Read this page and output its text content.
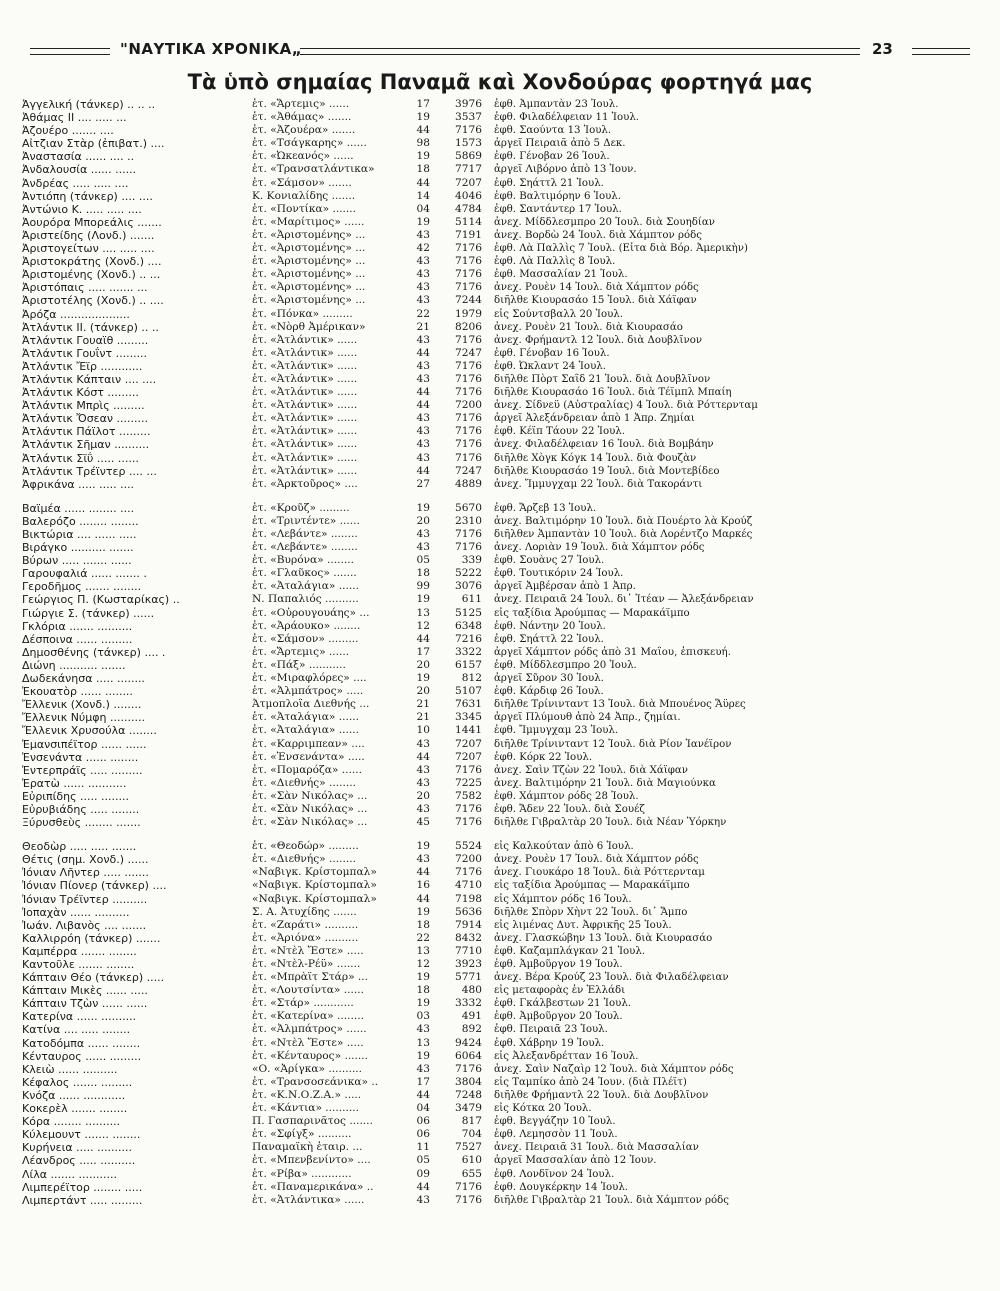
"ΝΑΥΤΙΚΑ ΧΡΟΝΙΚΑ„	23
Τὰ ὑπὸ σημαίας Παναμᾶ καὶ Χονδούρας φορτηγά μας
Ἀγγελική (τάνκερ) .. .. ..	ἑτ. «Ἄρτεμις» ......	17	3976 ἐφθ. Ἀμπαντὰν 23 Ἰουλ.
Ἀθάμας ΙΙ .... ..... ...	ἑτ. «Ἀθάμας» .......	19	3537 ἐφθ. Φιλαδέλφειαν 11 Ἰουλ.
Ἀζουέρο ....... ....	ἑτ. «Ἀζουέρα» .......	44	7176 ἐφθ. Σαούντα 13 Ἰουλ.
Αἰτζιαν Στὰρ (ἐπιβατ.) ....	ἑτ. «Τσάγκαρης» ......	98	1573 ἀργεῖ Πειραιᾶ ἀπὸ 5 Δεκ.
Ἀναστασία ...... .... ..	ἑτ. «Ὠκεανός» ......	19	5869 ἐφθ. Γένοβαν 26 Ἰουλ.
Ἀνδαλουσία ...... ......	ἑτ. «Τρανσατλάντικα»	18	7717 ἀργεῖ Λιβόρνο ἀπὸ 13 Ἰουν.
Ἀνδρέας ..... ..... ....	ἑτ. «Σάμσον» .......	44	7207 ἐφθ. Σηάττλ 21 Ἰουλ.
Ἀντιόπη (τάνκερ) .... ....	Κ. Κονιαλίδης .......	14	4046 ἐφθ. Βαλτιμόρην 6 Ἰουλ.
Ἀντώνιο Κ. ..... ..... ....	ἑτ. «Ποντίκα» .......	04	4784 ἐφθ. Σαντάντερ 17 Ἰουλ.
Ἀουρόρα Μπορεάλις .......	ἑτ. «Μαρίτιμος» ......	19	5114 ἀνεχ. Μίδδλεσμπρο 20 Ἰουλ. διὰ Σουηδίαν
Ἀριστείδης (Λονδ.) .......	ἑτ. «Ἀριστομένης» ...	43	7191 ἀνεχ. Βορδὼ 24 Ἰουλ. διὰ Χάμπτον ρόδς
Ἀριστογείτων .... ..... ....	ἑτ. «Ἀριστομένης» ...	42	7176 ἐφθ. Λὰ Παλλὶς 7 Ἰουλ. (Εἶτα διὰ Βόρ. Ἀμερικὴν)
Ἀριστοκράτης (Χονδ.) ....	ἑτ. «Ἀριστομένης» ...	43	7176 ἐφθ. Λὰ Παλλὶς 8 Ἰουλ.
Ἀριστομένης (Χονδ.) .. ...	ἑτ. «Ἀριστομένης» ...	43	7176 ἐφθ. Μασσαλίαν 21 Ἰουλ.
Ἀριστόπαις ..... ....... ...	ἑτ. «Ἀριστομένης» ...	43	7176 ἀνεχ. Ρουὲν 14 Ἰουλ. διὰ Χάμπτον ρόδς
Ἀριστοτέλης (Χονδ.) .. ....	ἑτ. «Ἀριστομένης» ...	43	7244 διῆλθε Κιουρασάο 15 Ἰουλ. διὰ Χάϊφαν
Ἀρόζα ....................	ἑτ. «Πόνκα» .........	22	1979 εἰς Σούντσβαλλ 20 Ἰουλ.
Ἀτλάντικ ΙΙ. (τάνκερ) .. ..	ἑτ. «Νὸρθ Ἀμέρικαν»	21	8206 ἀνεχ. Ρουὲν 21 Ἰουλ. διὰ Κιουρασάο
Ἀτλάντικ Γουαϊθ .........	ἑτ. «Ἀτλάντικ» ......	43	7176 ἀνεχ. Φρήμαντλ 12 Ἰουλ. διὰ Δουβλῖνον
Ἀτλάντικ Γουΐντ .........	ἑτ. «Ἀτλάντικ» ......	44	7247 ἐφθ. Γένοβαν 16 Ἰουλ.
Ἀτλάντικ Ἔϊρ ............	ἑτ. «Ἀτλάντικ» ......	43	7176 ἐφθ. Ὠκλαντ 24 Ἰουλ.
Ἀτλάντικ Κάπταιν .... ....	ἑτ. «Ἀτλάντικ» ......	43	7176 διῆλθε Πὸρτ Σαΐδ 21 Ἰουλ. διὰ Δουβλῖνον
Ἀτλάντικ Κόστ .........	ἑτ. «Ἀτλάντικ» ......	44	7176 διῆλθε Κιουρασάο 16 Ἰουλ. διὰ Τέϊμπλ Μπαίη
Ἀτλάντικ Μπρὶς .........	ἑτ. «Ἀτλάντικ» ......	44	7200 ἀνεχ. Σίδνεϋ (Αὐστραλίας) 4 Ἰουλ. διὰ Ρόττερνταμ
Ἀτλάντικ Ὄσεαν .........	ἑτ. «Ἀτλάντικ» ......	43	7176 ἀργεῖ Ἀλεξάνδρειαν ἀπὸ 1 Ἀπρ. Ζημίαι
Ἀτλάντικ Πάϊλοτ .........	ἑτ. «Ἀτλάντικ» ......	43	7176 ἐφθ. Κέϊπ Τάουν 22 Ἰουλ.
Ἀτλάντικ Σῆμαν ..........	ἑτ. «Ἀτλάντικ» ......	43	7176 ἀνεχ. Φιλαδέλφειαν 16 Ἰουλ. διὰ Βομβάην
Ἀτλάντικ Σϊΰ ..... ......	ἑτ. «Ἀτλάντικ» ......	43	7176 διῆλθε Χὸγκ Κόγκ 14 Ἰουλ. διὰ Φουζὰν
Ἀτλάντικ Τρέϊντερ .... ...	ἑτ. «Ἀτλάντικ» ......	44	7247 διῆλθε Κιουρασάο 19 Ἰουλ. διὰ Μοντεβίδεο
Ἀφρικάνα ..... ..... ....	ἑτ. «Ἀρκτοῦρος» ....	27	4889 ἀνεχ. Ἴμμυγχαμ 22 Ἰουλ. διὰ Τακοράντι
Βαϊμέα ...... ........ ....	ἑτ. «Κροῦζ» .........	19	5670 ἐφθ. Ἄρζεβ 13 Ἰουλ.
Βαλερόζο ........ ........	ἑτ. «Τριντέντε» ......	20	2310 ἀνεχ. Βαλτιμόρην 10 Ἰουλ. διὰ Πουέρτο λὰ Κρούζ
Βικτώρια .... ...... .....	ἑτ. «Λεβάντε» ........	43	7176 διῆλθεν Ἀμπαντὰν 10 Ἰουλ. διὰ Λορέντζο Μαρκές
Βιράγκο .......... .......	ἑτ. «Λεβάντε» ........	43	7176 ἀνεχ. Λοριὰν 19 Ἰουλ. διὰ Χάμπτον ρόδς
Βύρων ..... ....... ......	ἑτ. «Βυρόνα» ........	05	339 ἐφθ. Σουὰνς 27 Ἰουλ.
Γαρουφαλιά ...... ....... .	ἑτ. «Γλαῦκος» .......	18	5222 ἐφθ. Τουτικόριν 24 Ἰουλ.
Γεροδῆμος ....... ........	ἑτ. «Ἀταλάγια» ......	99	3076 ἀργεῖ Ἀμβέρσαν ἀπὸ 1 Ἀπρ.
Γεώργιος Π. (Κωσταρίκας) ..	Ν. Παπαλιός ..........	19	611 ἀνεχ. Πειραιᾶ 24 Ἰουλ. δι᾽ Ἰτέαν — Ἀλεξάνδρειαν
Γιώργιε Σ. (τάνκερ) ......	ἑτ. «Οὐρουγουάης» ...	13	5125 εἰς ταξίδια Ἀρούμπας — Μαρακάϊμπο
Γκλόρια ....... ..........	ἑτ. «Ἀράουκο» ........	12	6348 ἐφθ. Νάντην 20 Ἰουλ.
Δέσποινα ...... .........	ἑτ. «Σάμσον» .........	44	7216 ἐφθ. Σηάττλ 22 Ἰουλ.
Δημοσθένης (τάνκερ) .... .	ἑτ. «Ἄρτεμις» ......	17	3322 ἀργεῖ Χάμπτον ρόδς ἀπὸ 31 Μαΐου, ἐπισκευή.
Διώνη ........... .......	ἑτ. «Πάξ» ...........	20	6157 ἐφθ. Μίδδλεσμπρο 20 Ἰουλ.
Δωδεκάνησα ..... ........	ἑτ. «Μιραφλόρες» ....	19	812 ἀργεῖ Σῦρον 30 Ἰουλ.
Ἐκουατὸρ ...... ........	ἑτ. «Ἀλμπάτρος» .....	20	5107 ἐφθ. Κάρδιφ 26 Ἰουλ.
Ἔλλενικ (Χονδ.) ........	Ἀτμοπλοΐα Διεθνής ...	21	7631 διῆλθε Τρίνινταντ 13 Ἰουλ. διὰ Μπουένος Ἄϋρες
Ἔλλενικ Νύμφη ..........	ἑτ. «Ἀταλάγια» ......	21	3345 ἀργεῖ Πλύμουθ ἀπὸ 24 Ἀπρ., ζημίαι.
Ἔλλενικ Χρυσούλα ........	ἑτ. «Ἀταλάγια» ......	10	1441 ἐφθ. Ἴμμυγχαμ 23 Ἰουλ.
Ἐμανσιπέϊτορ ...... ......	ἑτ. «Καρριμπεαν» ....	43	7207 διῆλθε Τρίνινταντ 12 Ἰουλ. διὰ Ρίον Ἰανέϊρον
Ἐνσενάντα ...... ........	ἑτ. «Ἐνσενάντα» .....	44	7207 ἐφθ. Κόρκ 22 Ἰουλ.
Ἐντερπράϊς ..... .........	ἑτ. «Πομαρόζα» ......	43	7176 ἀνεχ. Σαὶν Τζὼν 22 Ἰουλ. διὰ Χάϊφαν
Ἐρατὼ ...... ...........	ἑτ. «Διεθνής» ........	43	7225 ἀνεχ. Βαλτιμόρην 21 Ἰουλ. διὰ Μαγιούνκα
Εὐριπίδης ..... ........	ἑτ. «Σὰν Νικόλας» ...	20	7582 ἐφθ. Χάμπτον ρόδς 28 Ἰουλ.
Εὐρυβιάδης ..... ........	ἑτ. «Σὰν Νικόλας» ...	43	7176 ἐφθ. Ἄδεν 22 Ἰουλ. διὰ Σουέζ
Ξύρυσθεὺς ........ .......	ἑτ. «Σὰν Νικόλας» ...	45	7176 διῆλθε Γιβραλτὰρ 20 Ἰουλ. διὰ Νέαν Ὑόρκην
Θεοδὼρ ..... ..... .......	ἑτ. «Θεοδώρ» .........	19	5524 εἰς Καλκούταν ἀπὸ 6 Ἰουλ.
Θέτις (σημ. Χονδ.) ......	ἑτ. «Διεθνής» ........	43	7200 ἀνεχ. Ρουὲν 17 Ἰουλ. διὰ Χάμπτον ρόδς
Ἰόνιαν Λῆντερ ..... .......	«Ναβιγκ. Κρίστομπαλ»	44	7176 ἀνεχ. Γιουκάρο 18 Ἰουλ. διὰ Ρόττερνταμ
Ἰόνιαν Πίονερ (τάνκερ) ....	«Ναβιγκ. Κρίστομπαλ»	16	4710 εἰς ταξίδια Ἀρούμπας — Μαρακάϊμπο
Ἰόνιαν Τρέϊντερ ..........	«Ναβιγκ. Κρίστομπαλ»	44	7198 εἰς Χάμπτον ρόδς 16 Ἰουλ.
Ἰοπαχὰν ...... ..........	Σ. Α. Ἀτυχίδης .......	19	5636 διῆλθε Σπὸρν Χὴντ 22 Ἰουλ. δι᾽ Ἄμπο
Ἰωάν. Λιβανὸς .... .......	ἑτ. «Ζαράτι» ..........	18	7914 εἰς λιμένας Δυτ. Ἀφρικῆς 25 Ἰουλ.
Καλλιρρόη (τάνκερ) .......	ἑτ. «Ἀριόνα» ..........	22	8432 ἀνεχ. Γλασκώβην 13 Ἰουλ. διὰ Κιουρασάο
Καμπέρρα ....... ........	ἑτ. «Ντὲλ Ἔστε» .....	13	7710 ἐφθ. Καζαμπλάγκαν 21 Ἰουλ.
Καντοῦλε ....... ........	ἑτ. «Ντὲλ-Ρέϋ» .......	12	3923 ἐφθ. Ἀμβοῦργον 19 Ἰουλ.
Κάπταιν Θέο (τάνκερ) .....	ἑτ. «Μπρὰϊτ Στάρ» ...	19	5771 ἀνεχ. Βέρα Κρούζ 23 Ἰουλ. διὰ Φιλαδέλφειαν
Κάπταιν Μικὲς ...... .....	ἑτ. «Λουτσίντα» ......	18	480 εἰς μεταφορὰς ἐν Ἑλλάδι
Κάπταιν Τζὼν ...... ......	ἑτ. «Στάρ» ............	19	3332 ἐφθ. Γκάλβεστων 21 Ἰουλ.
Κατερίνα ...... ..........	ἑτ. «Κατερίνα» ........	03	491 ἐφθ. Ἀμβοῦργον 20 Ἰουλ.
Κατίνα .... ..... ........	ἑτ. «Ἀλμπάτρος» ......	43	892 ἐφθ. Πειραιᾶ 23 Ἰουλ.
Κατοδόμπα ...... ........	ἑτ. «Ντὲλ Ἔστε» .....	13	9424 ἐφθ. Χάβρην 19 Ἰουλ.
Κένταυρος ...... .........	ἑτ. «Κένταυρος» .......	19	6064 εἰς Ἀλεξανδρέτταν 16 Ἰουλ.
Κλειὼ ...... ..........	«Ο. «Ἀρίγκα» ..........	43	7176 ἀνεχ. Σαὶν Ναζαὶρ 12 Ἰουλ. διὰ Χάμπτον ρόδς
Κέφαλος ....... .........	ἑτ. «Τρανσοσεάνικα» ..	17	3804 εἰς Ταμπίκο ἀπὸ 24 Ἰουν. (διὰ Πλέϊτ)
Κνόζα ...... ............	ἑτ. «Κ.Ν.Ο.Ζ.Α.» .....	44	7248 διῆλθε Φρήμαντλ 22 Ἰουλ. διὰ Δουβλῖνον
Κοκερὲλ ....... ........	ἑτ. «Κάντια» ..........	04	3479 εἰς Κότκα 20 Ἰουλ.
Κόρα ........ ..........	Π. Γασπαρινᾶτος .......	06	817 ἐφθ. Βεγγάζην 10 Ἰουλ.
Κύλεμουντ ....... ........	ἑτ. «Σφίγξ» ..........	06	704 ἐφθ. Λεμησσὸν 11 Ἰουλ.
Κυρήνεια ..... ..........	Παναμαϊκὴ ἑταιρ. ...	11	7527 ἀνεχ. Πειραιᾶ 31 Ἰουλ. διὰ Μασσαλίαν
Λέανδρος ..... ..........	ἑτ. «Μπενβενίντο» ....	05	610 ἀργεῖ Μασσαλίαν ἀπὸ 12 Ἰουν.
Λίλα ....... ...........	ἑτ. «Ρίβα» ............	09	655 ἐφθ. Λονδῖνον 24 Ἰουλ.
Λιμπερέϊτορ ........ .....	ἑτ. «Παναμερικάνα» ..	44	7176 ἐφθ. Δουγκέρκην 14 Ἰουλ.
Λιμπερτάντ ..... .........	ἑτ. «Ἀτλάντικα» ......	43	7176 διῆλθε Γιβραλτὰρ 21 Ἰουλ. διὰ Χάμπτον ρόδς
